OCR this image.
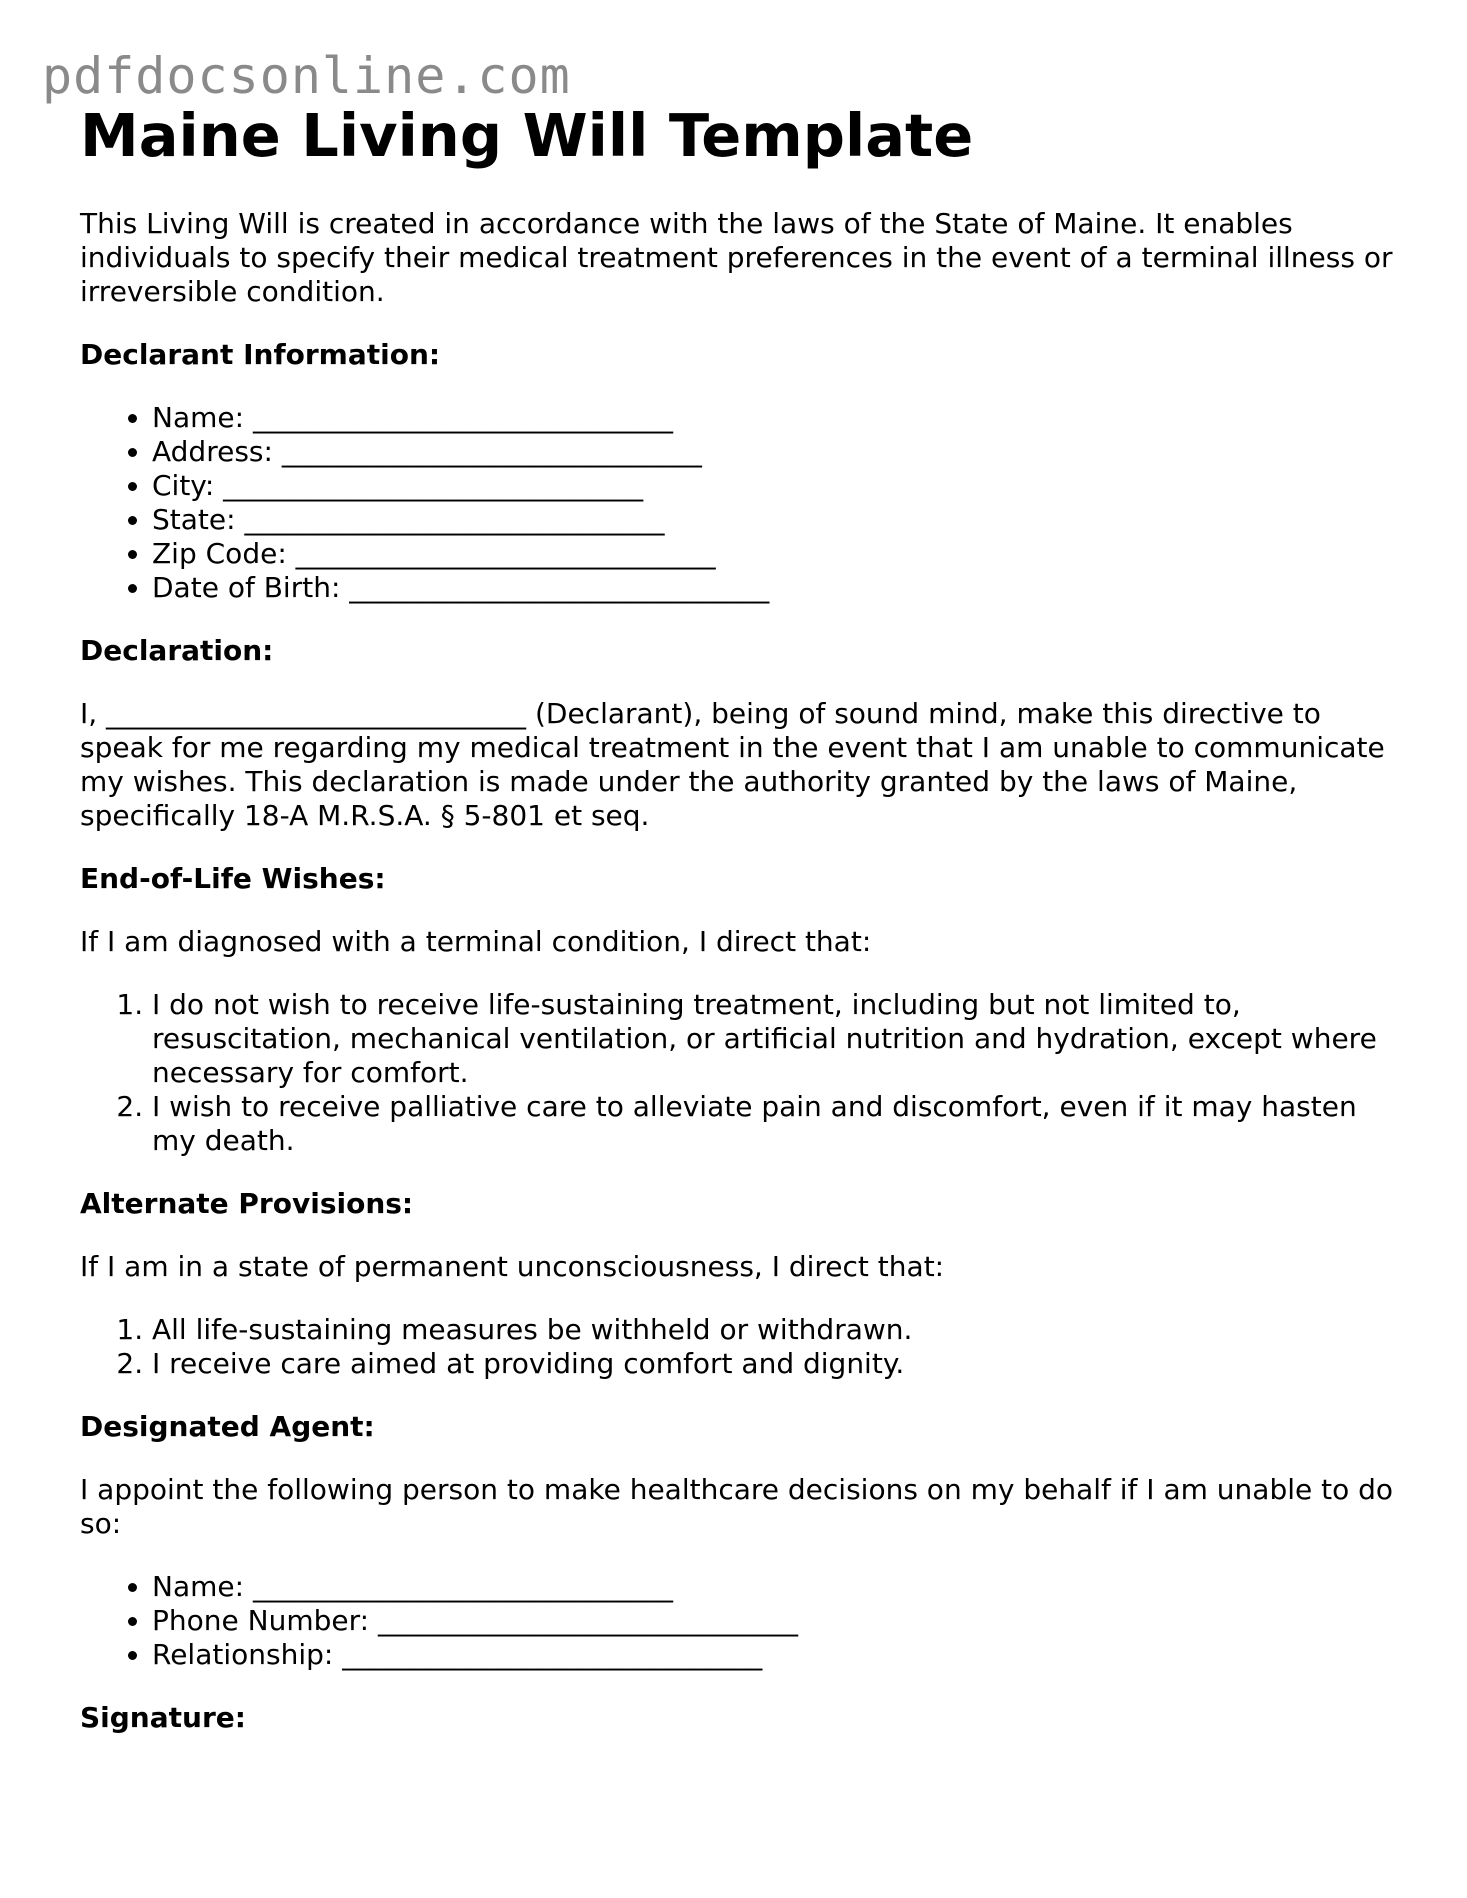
pdfdocsonline.com
Maine Living Will Template

This Living Will is created in accordance with the laws of the State of Maine. It enables individuals to specify their medical treatment preferences in the event of a terminal illness or irreversible condition.

Declarant Information:
• Name: ______________________________
• Address: ______________________________
• City: ______________________________
• State: ______________________________
• Zip Code: ______________________________
• Date of Birth: ______________________________
Declaration:

I, ______________________________ (Declarant), being of sound mind, make this directive to speak for me regarding my medical treatment in the event that I am unable to communicate my wishes. This declaration is made under the authority granted by the laws of Maine, specifically 18-A M.R.S.A. § 5-801 et seq.

End-of-Life Wishes:

If I am diagnosed with a terminal condition, I direct that:

1. I do not wish to receive life-sustaining treatment, including but not limited to, resuscitation, mechanical ventilation, or artificial nutrition and hydration, except where necessary for comfort.
2. I wish to receive palliative care to alleviate pain and discomfort, even if it may hasten my death.
Alternate Provisions:

If I am in a state of permanent unconsciousness, I direct that:

1. All life-sustaining measures be withheld or withdrawn.
2. I receive care aimed at providing comfort and dignity.
Designated Agent:

I appoint the following person to make healthcare decisions on my behalf if I am unable to do so:

• Name: ______________________________
• Phone Number: ______________________________
• Relationship: ______________________________
Signature:
